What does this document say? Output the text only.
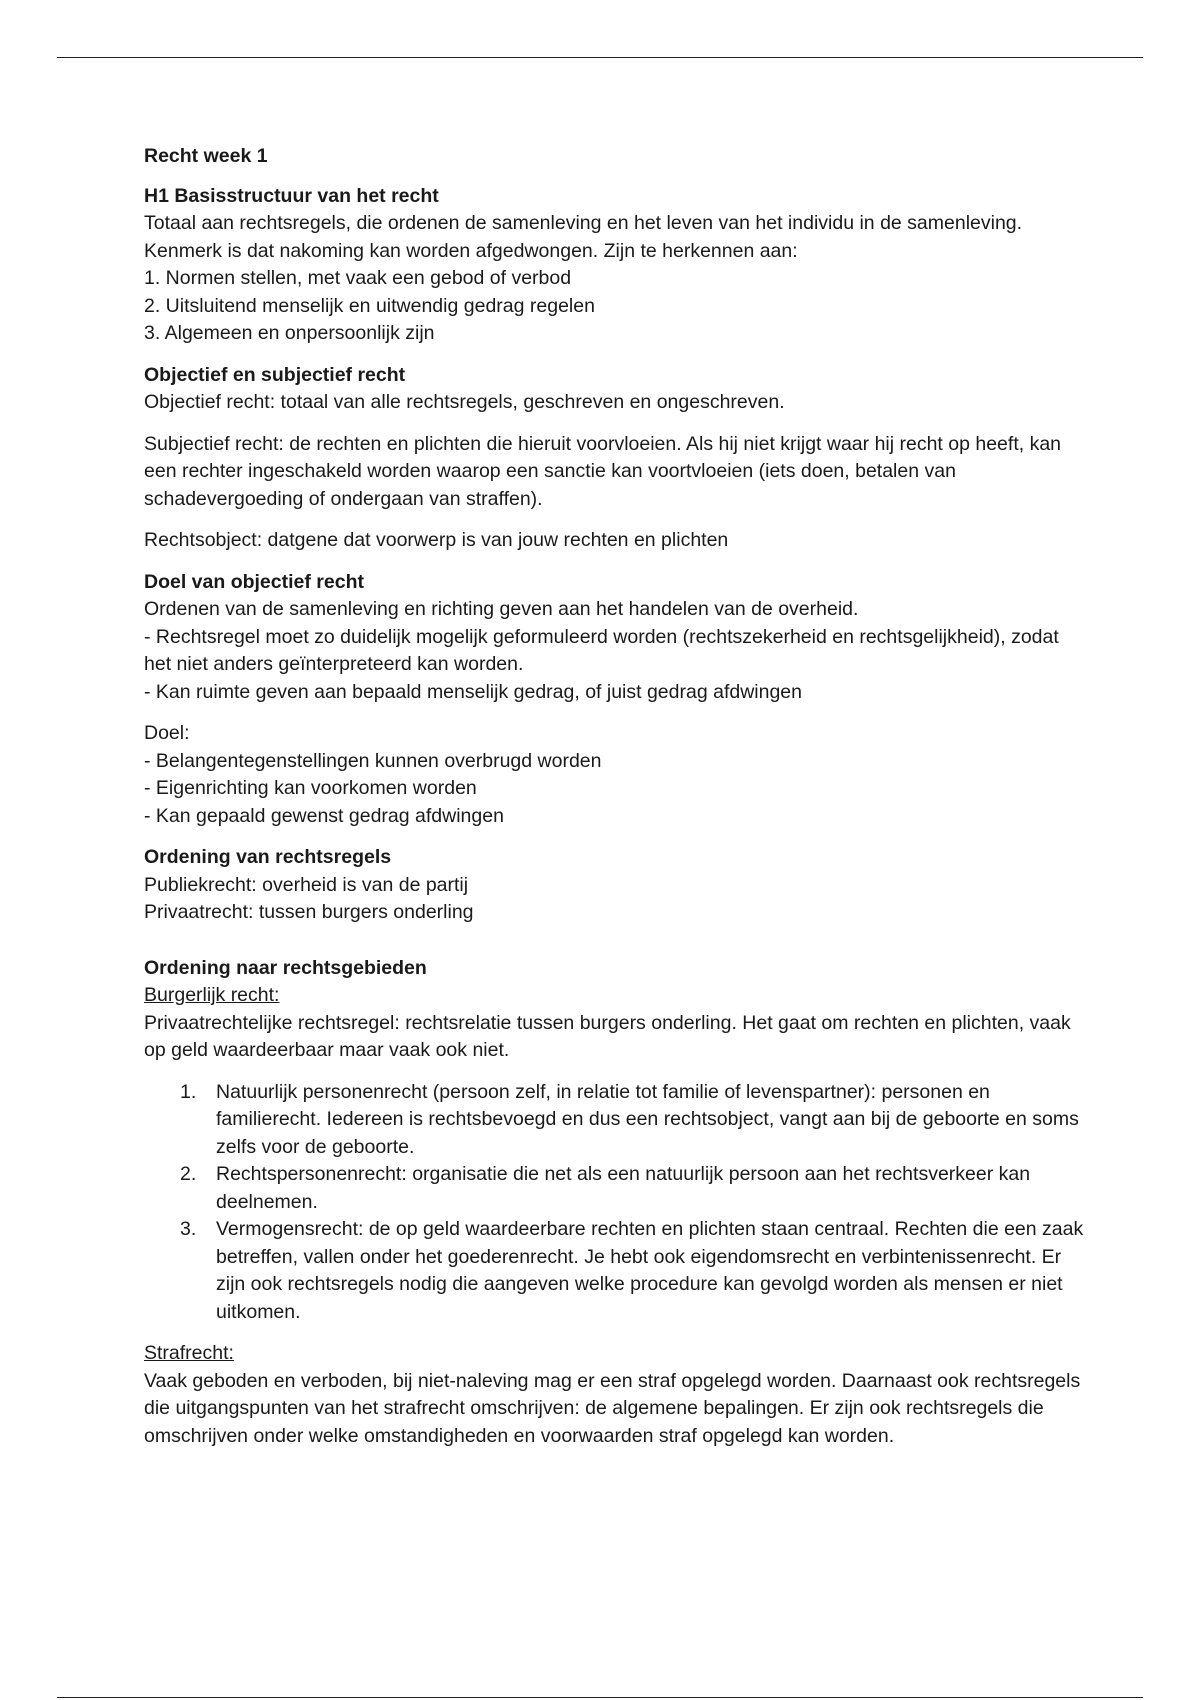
Recht week 1
H1 Basisstructuur van het recht
Totaal aan rechtsregels, die ordenen de samenleving en het leven van het individu in de samenleving. Kenmerk is dat nakoming kan worden afgedwongen. Zijn te herkennen aan:
1. Normen stellen, met vaak een gebod of verbod
2. Uitsluitend menselijk en uitwendig gedrag regelen
3. Algemeen en onpersoonlijk zijn
Objectief en subjectief recht
Objectief recht: totaal van alle rechtsregels, geschreven en ongeschreven.
Subjectief recht: de rechten en plichten die hieruit voorvloeien. Als hij niet krijgt waar hij recht op heeft, kan een rechter ingeschakeld worden waarop een sanctie kan voortvloeien (iets doen, betalen van schadevergoeding of ondergaan van straffen).
Rechtsobject: datgene dat voorwerp is van jouw rechten en plichten
Doel van objectief recht
Ordenen van de samenleving en richting geven aan het handelen van de overheid.
- Rechtsregel moet zo duidelijk mogelijk geformuleerd worden (rechtszekerheid en rechtsgelijkheid), zodat het niet anders geïnterpreteerd kan worden.
- Kan ruimte geven aan bepaald menselijk gedrag, of juist gedrag afdwingen
Doel:
- Belangentegenstellingen kunnen overbrugd worden
- Eigenrichting kan voorkomen worden
- Kan gepaald gewenst gedrag afdwingen
Ordening van rechtsregels
Publiekrecht: overheid is van de partij
Privaatrecht: tussen burgers onderling
Ordening naar rechtsgebieden
Burgerlijk recht:
Privaatrechtelijke rechtsregel: rechtsrelatie tussen burgers onderling. Het gaat om rechten en plichten, vaak op geld waardeerbaar maar vaak ook niet.
1. Natuurlijk personenrecht (persoon zelf, in relatie tot familie of levenspartner): personen en familierecht. Iedereen is rechtsbevoegd en dus een rechtsobject, vangt aan bij de geboorte en soms zelfs voor de geboorte.
2. Rechtspersonenrecht: organisatie die net als een natuurlijk persoon aan het rechtsverkeer kan deelnemen.
3. Vermogensrecht: de op geld waardeerbare rechten en plichten staan centraal. Rechten die een zaak betreffen, vallen onder het goederenrecht. Je hebt ook eigendomsrecht en verbintenissenrecht. Er zijn ook rechtsregels nodig die aangeven welke procedure kan gevolgd worden als mensen er niet uitkomen.
Strafrecht:
Vaak geboden en verboden, bij niet-naleving mag er een straf opgelegd worden. Daarnaast ook rechtsregels die uitgangspunten van het strafrecht omschrijven: de algemene bepalingen. Er zijn ook rechtsregels die omschrijven onder welke omstandigheden en voorwaarden straf opgelegd kan worden.
